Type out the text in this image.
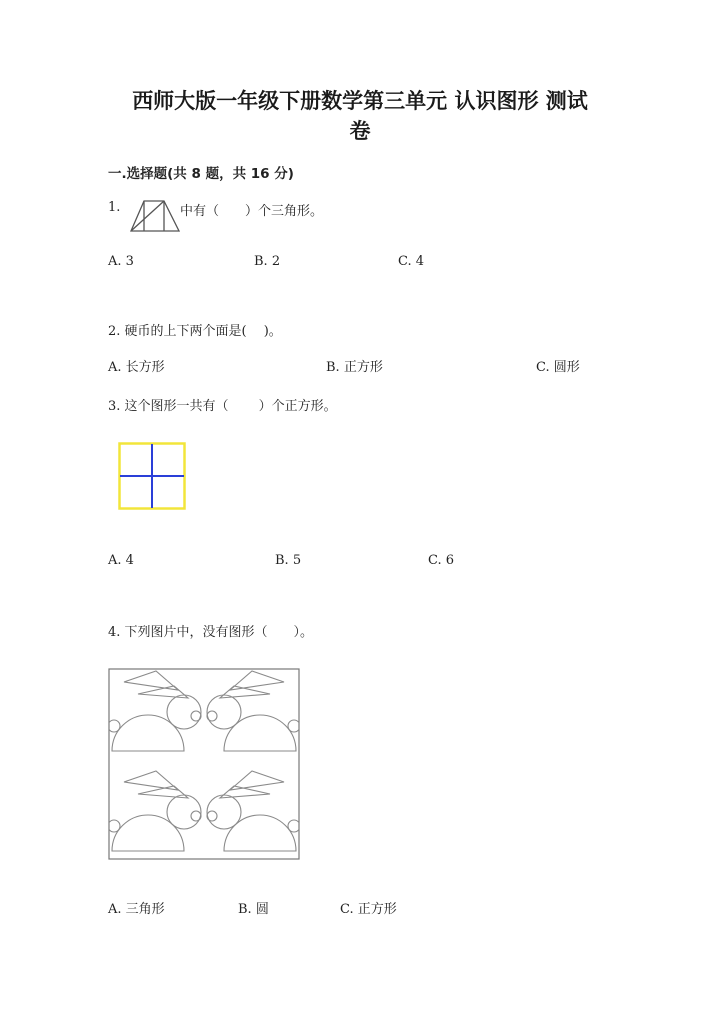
西师大版一年级下册数学第三单元 认识图形 测试
卷
一.选择题(共 8 题，共 16 分)
1.	中有（　　）个三角形。
A. 3	B. 2	C. 4
2. 硬币的上下两个面是(　 )。
A. 长方形	B. 正方形	C. 圆形
3. 这个图形一共有（　　 ）个正方形。
A. 4	B. 5	C. 6
4. 下列图片中，没有图形（　　）。
A. 三角形	B. 圆	C. 正方形
